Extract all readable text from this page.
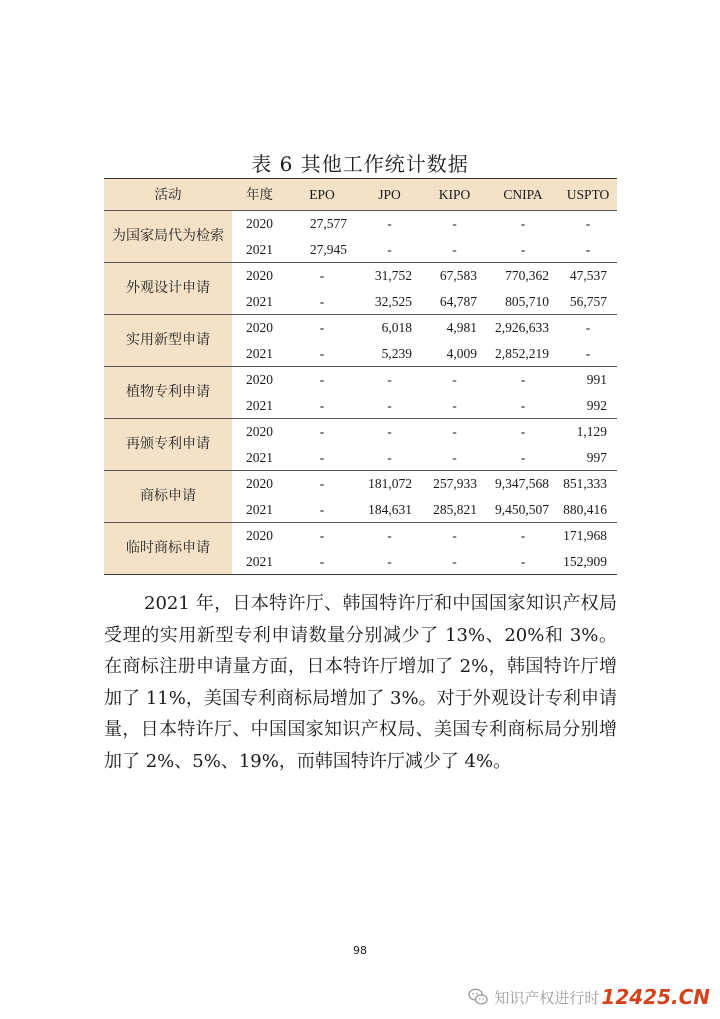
表 6 其他工作统计数据
活动	年度	EPO	JPO	KIPO	CNIPA	USPTO
为国家局代为检索	2020	27,577	-	-	-	-
	2021	27,945	-	-	-	-
外观设计申请	2020	-	31,752	67,583	770,362	47,537
	2021	-	32,525	64,787	805,710	56,757
实用新型申请	2020	-	6,018	4,981	2,926,633	-
	2021	-	5,239	4,009	2,852,219	-
植物专利申请	2020	-	-	-	-	991
	2021	-	-	-	-	992
再颁专利申请	2020	-	-	-	-	1,129
	2021	-	-	-	-	997
商标申请	2020	-	181,072	257,933	9,347,568	851,333
	2021	-	184,631	285,821	9,450,507	880,416
临时商标申请	2020	-	-	-	-	171,968
	2021	-	-	-	-	152,909
2021 年，日本特许厅、韩国特许厅和中国国家知识产权局受理的实用新型专利申请数量分别减少了 13%、20%和 3%。在商标注册申请量方面，日本特许厅增加了 2%，韩国特许厅增加了 11%，美国专利商标局增加了 3%。对于外观设计专利申请量，日本特许厅、中国国家知识产权局、美国专利商标局分别增加了 2%、5%、19%，而韩国特许厅减少了 4%。
98
知识产权进行时 12425.CN
